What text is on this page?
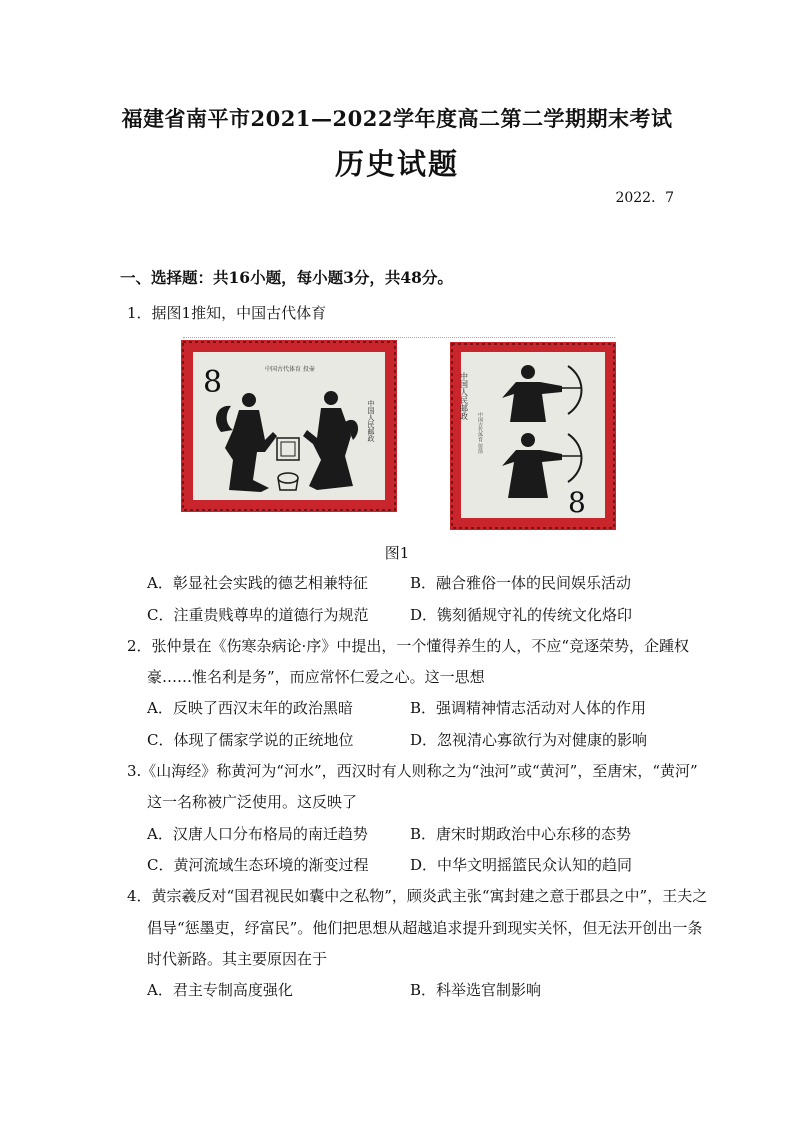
福建省南平市2021—2022学年度高二第二学期期末考试
历史试题
2022．7
一、选择题：共16小题，每小题3分，共48分。
1．据图1推知，中国古代体育
8	中国古代体育 投壶
中国人民邮政
中国人民邮政
中国古代体育 射箭
8
图1
A．彰显社会实践的德艺相兼特征	B．融合雅俗一体的民间娱乐活动
C．注重贵贱尊卑的道德行为规范	D．镌刻循规守礼的传统文化烙印
2．张仲景在《伤寒杂病论·序》中提出，一个懂得养生的人，不应“竞逐荣势，企踵权
豪……惟名利是务”，而应常怀仁爱之心。这一思想
A．反映了西汉末年的政治黑暗	B．强调精神情志活动对人体的作用
C．体现了儒家学说的正统地位	D．忽视清心寡欲行为对健康的影响
3.《山海经》称黄河为“河水”，西汉时有人则称之为“浊河”或“黄河”，至唐宋，“黄河”
这一名称被广泛使用。这反映了
A．汉唐人口分布格局的南迁趋势	B．唐宋时期政治中心东移的态势
C．黄河流域生态环境的渐变过程	D．中华文明摇篮民众认知的趋同
4．黄宗羲反对“国君视民如囊中之私物”，顾炎武主张“寓封建之意于郡县之中”，王夫之
倡导“惩墨吏，纾富民”。他们把思想从超越追求提升到现实关怀，但无法开创出一条
时代新路。其主要原因在于
A．君主专制高度强化	B．科举选官制影响
